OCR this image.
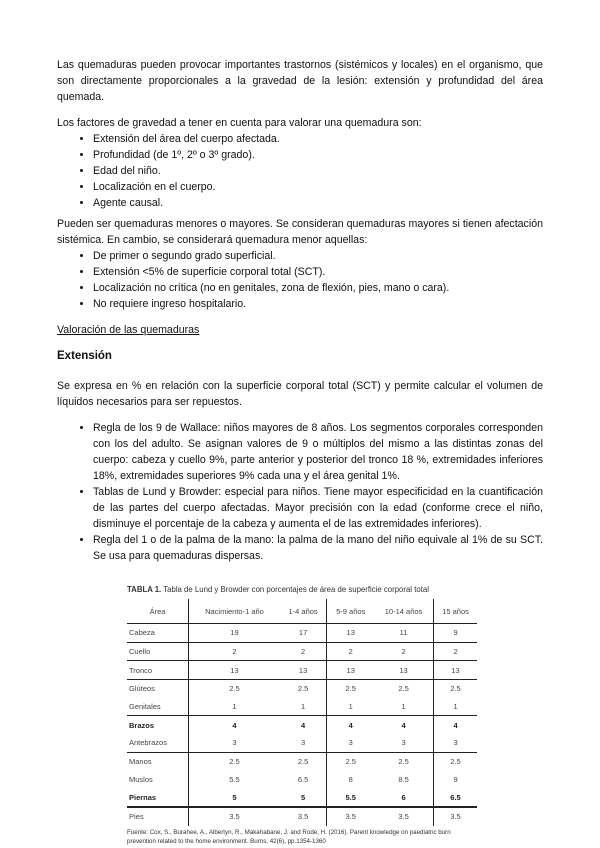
Las quemaduras pueden provocar importantes trastornos (sistémicos y locales) en el organismo, que son directamente proporcionales a la gravedad de la lesión: extensión y profundidad del área quemada.

Los factores de gravedad a tener en cuenta para valorar una quemadura son:

• Extensión del área del cuerpo afectada.
• Profundidad (de 1º, 2º o 3º grado).
• Edad del niño.
• Localización en el cuerpo.
• Agente causal.

Pueden ser quemaduras menores o mayores. Se consideran quemaduras mayores si tienen afectación sistémica. En cambio, se considerará quemadura menor aquellas:

• De primer o segundo grado superficial.
• Extensión <5% de superficie corporal total (SCT).
• Localización no crítica (no en genitales, zona de flexión, pies, mano o cara).
• No requiere ingreso hospitalario.

Valoración de las quemaduras

Extensión

Se expresa en % en relación con la superficie corporal total (SCT) y permite calcular el volumen de líquidos necesarios para ser repuestos.

• Regla de los 9 de Wallace: niños mayores de 8 años. Los segmentos corporales corresponden con los del adulto. Se asignan valores de 9 o múltiplos del mismo a las distintas zonas del cuerpo: cabeza y cuello 9%, parte anterior y posterior del tronco 18 %, extremidades inferiores 18%, extremidades superiores 9% cada una y el área genital 1%.
• Tablas de Lund y Browder: especial para niños. Tiene mayor especificidad en la cuantificación de las partes del cuerpo afectadas. Mayor precisión con la edad (conforme crece el niño, disminuye el porcentaje de la cabeza y aumenta el de las extremidades inferiores).
• Regla del 1 o de la palma de la mano: la palma de la mano del niño equivale al 1% de su SCT. Se usa para quemaduras dispersas.
TABLA 1. Tabla de Lund y Browder con porcentajes de área de superficie corporal total
Área	Nacimiento-1 año	1-4 años	5-9 años	10-14 años	15 años
Cabeza	19	17	13	11	9
Cuello	2	2	2	2	2
Tronco	13	13	13	13	13
Glúteos	2.5	2.5	2.5	2.5	2.5
Genitales	1	1	1	1	1
Brazos	4	4	4	4	4
Antebrazos	3	3	3	3	3
Manos	2.5	2.5	2.5	2.5	2.5
Muslos	5.5	6.5	8	8.5	9
Piernas	5	5	5.5	6	6.5
Pies	3.5	3.5	3.5	3.5	3.5
Fuente: Cox, S., Burahee, A., Albertyn, R., Makahabane, J. and Rode, H. (2016). Parent knowledge on paediatric burn prevention related to the home environment. Burns, 42(6), pp.1354-1360
